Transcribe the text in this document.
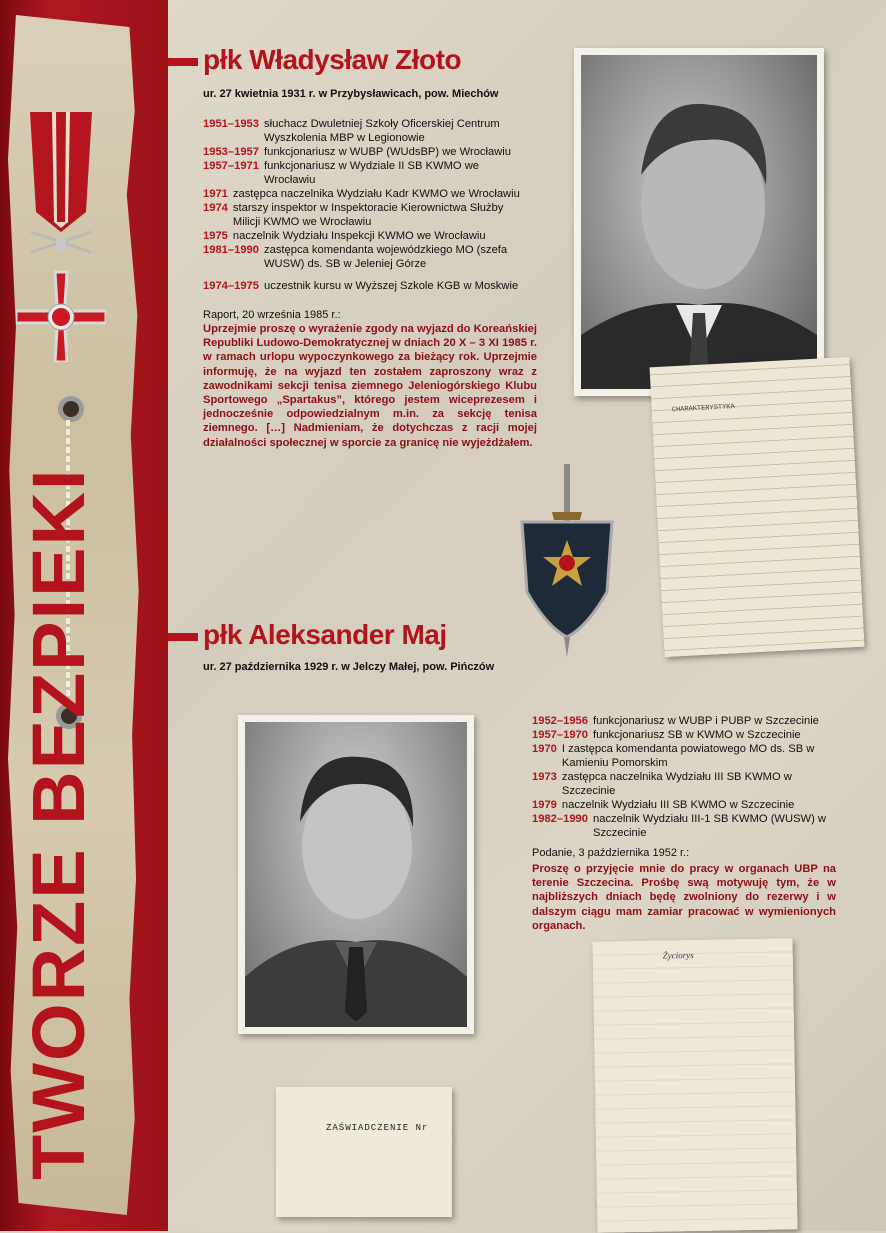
TWORZE BEZPIEKI
płk Władysław Złoto
ur. 27 kwietnia 1931 r. w Przybysławicach, pow. Miechów
1951–1953 słuchacz Dwuletniej Szkoły Oficerskiej Centrum Wyszkolenia MBP w Legionowie
1953–1957 funkcjonariusz w WUBP (WUdsBP) we Wrocławiu
1957–1971 funkcjonariusz w Wydziale II SB KWMO we Wrocławiu
1971 zastępca naczelnika Wydziału Kadr KWMO we Wrocławiu
1974 starszy inspektor w Inspektoracie Kierownictwa Służby Milicji KWMO we Wrocławiu
1975 naczelnik Wydziału Inspekcji KWMO we Wrocławiu
1981–1990 zastępca komendanta wojewódzkiego MO (szefa WUSW) ds. SB w Jeleniej Górze
1974–1975 uczestnik kursu w Wyższej Szkole KGB w Moskwie
Raport, 20 września 1985 r.:
Uprzejmie proszę o wyrażenie zgody na wyjazd do Koreańskiej Republiki Ludowo-Demokratycznej w dniach 20 X – 3 XI 1985 r. w ramach urlopu wypoczynkowego za bieżący rok. Uprzejmie informuję, że na wyjazd ten zostałem zaproszony wraz z zawodnikami sekcji tenisa ziemnego Jeleniogórskiego Klubu Sportowego „Spartakus”, którego jestem wiceprezesem i jednocześnie odpowiedzialnym m.in. za sekcję tenisa ziemnego. […] Nadmieniam, że dotychczas z racji mojej działalności społecznej w sporcie za granicę nie wyjeżdżałem.
CHARAKTERYSTYKA
płk Aleksander Maj
ur. 27 października 1929 r. w Jelczy Małej, pow. Pińczów
1952–1956 funkcjonariusz w WUBP i PUBP w Szczecinie
1957–1970 funkcjonariusz SB w KWMO w Szczecinie
1970 I zastępca komendanta powiatowego MO ds. SB w Kamieniu Pomorskim
1973 zastępca naczelnika Wydziału III SB KWMO w Szczecinie
1979 naczelnik Wydziału III SB KWMO w Szczecinie
1982–1990 naczelnik Wydziału III-1 SB KWMO (WUSW) w Szczecinie
Podanie, 3 października 1952 r.:
Proszę o przyjęcie mnie do pracy w organach UBP na terenie Szczecina. Prośbę swą motywuję tym, że w najbliższych dniach będę zwolniony do rezerwy i w dalszym ciągu mam zamiar pracować w wymienionych organach.
ZAŚWIADCZENIE Nr
Życiorys
